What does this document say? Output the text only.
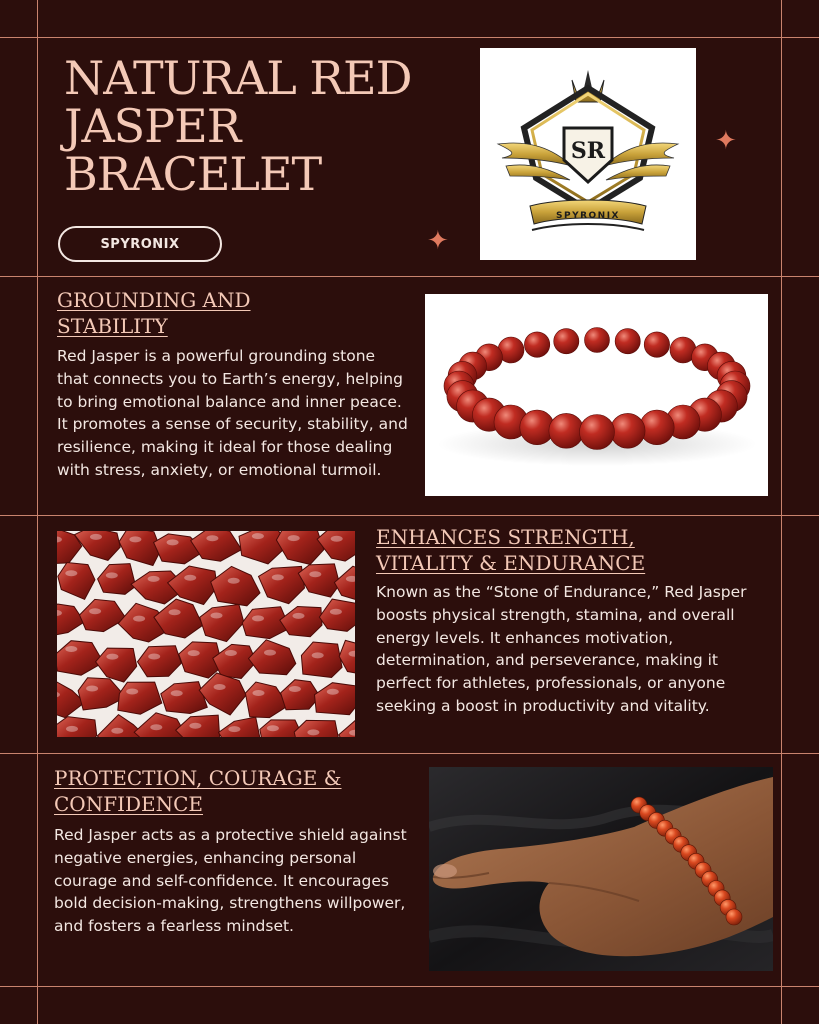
NATURAL RED JASPER BRACELET
SPYRONIX
✦
✦
SR
SPYRONIX
GROUNDING AND STABILITY

Red Jasper is a powerful grounding stone that connects you to Earth’s energy, helping to bring emotional balance and inner peace. It promotes a sense of security, stability, and resilience, making it ideal for those dealing with stress, anxiety, or emotional turmoil.

ENHANCES STRENGTH, VITALITY & ENDURANCE

Known as the “Stone of Endurance,” Red Jasper boosts physical strength, stamina, and overall energy levels. It enhances motivation, determination, and perseverance, making it perfect for athletes, professionals, or anyone seeking a boost in productivity and vitality.

PROTECTION, COURAGE & CONFIDENCE

Red Jasper acts as a protective shield against negative energies, enhancing personal courage and self-confidence. It encourages bold decision-making, strengthens willpower, and fosters a fearless mindset.
